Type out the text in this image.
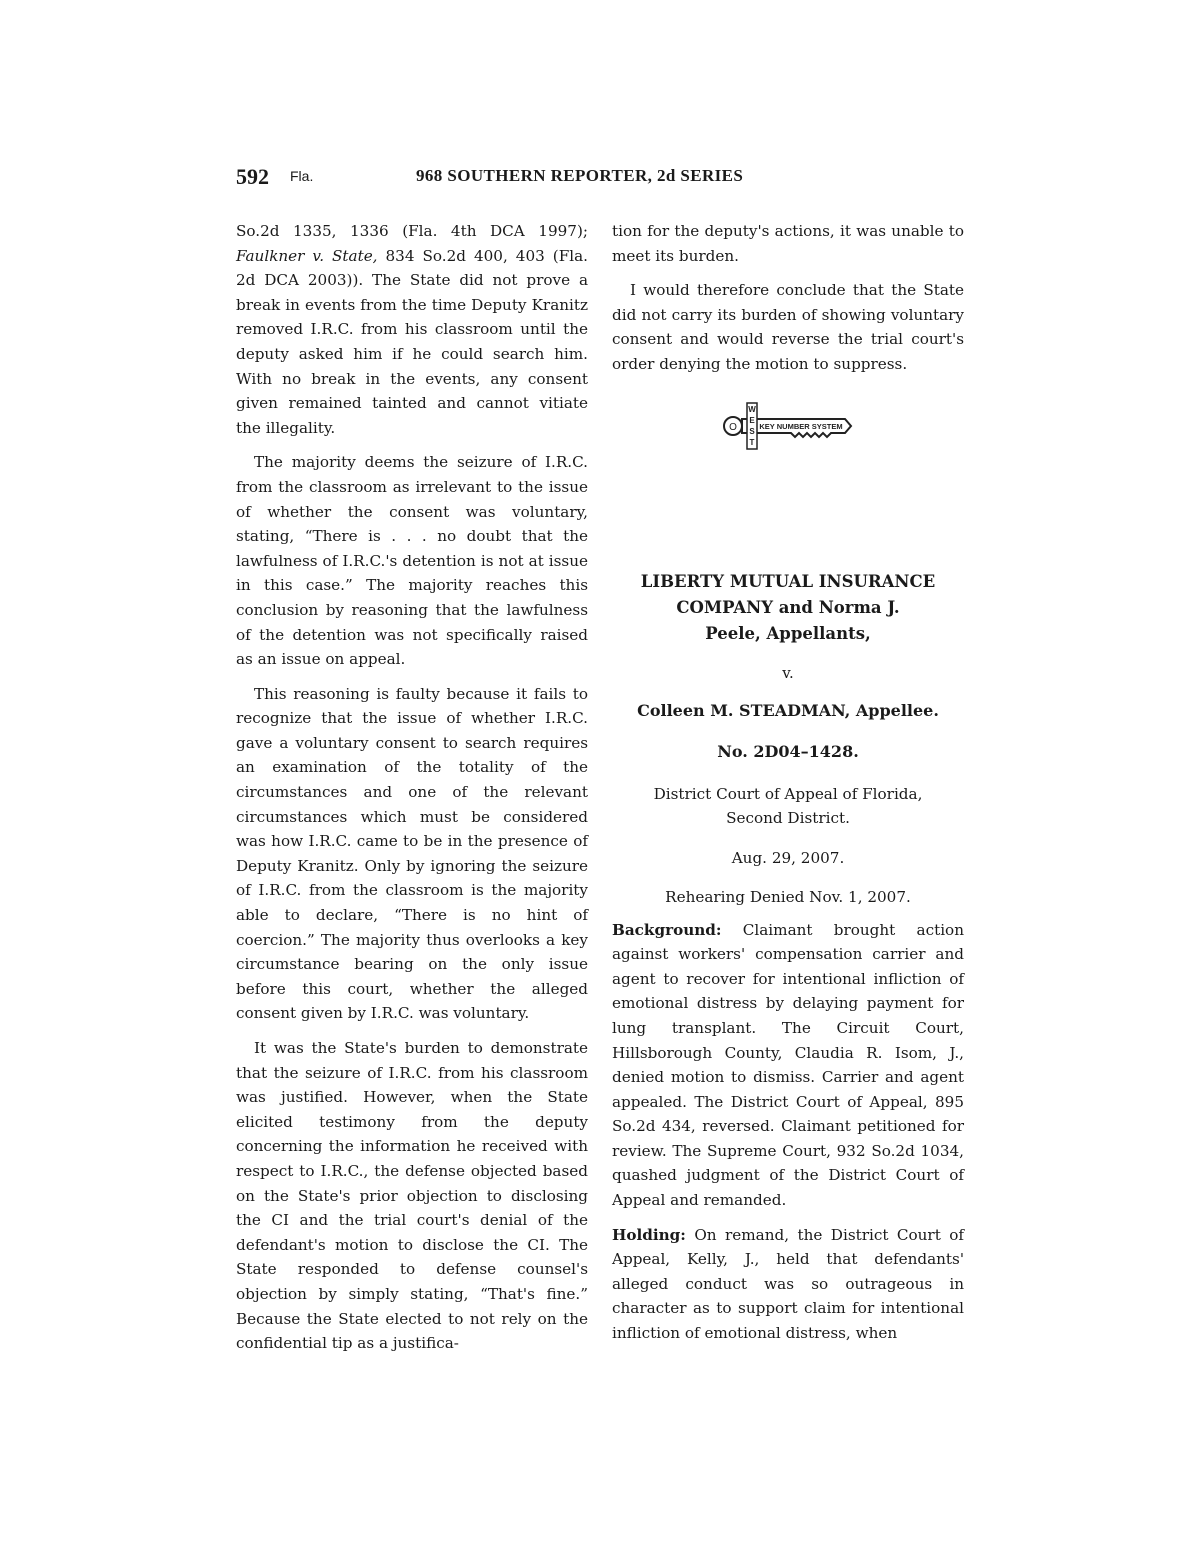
592 Fla.	968 SOUTHERN REPORTER, 2d SERIES

So.2d 1335, 1336 (Fla. 4th DCA 1997); Faulkner v. State, 834 So.2d 400, 403 (Fla. 2d DCA 2003)). The State did not prove a break in events from the time Deputy Kranitz removed I.R.C. from his classroom until the deputy asked him if he could search him. With no break in the events, any consent given remained tainted and cannot vitiate the illegality.

The majority deems the seizure of I.R.C. from the classroom as irrelevant to the issue of whether the consent was voluntary, stating, “There is . . . no doubt that the lawfulness of I.R.C.'s detention is not at issue in this case.” The majority reaches this conclusion by reasoning that the lawfulness of the detention was not specifically raised as an issue on appeal.

This reasoning is faulty because it fails to recognize that the issue of whether I.R.C. gave a voluntary consent to search requires an examination of the totality of the circumstances and one of the relevant circumstances which must be considered was how I.R.C. came to be in the presence of Deputy Kranitz. Only by ignoring the seizure of I.R.C. from the classroom is the majority able to declare, “There is no hint of coercion.” The majority thus overlooks a key circumstance bearing on the only issue before this court, whether the alleged consent given by I.R.C. was voluntary.

It was the State's burden to demonstrate that the seizure of I.R.C. from his classroom was justified. However, when the State elicited testimony from the deputy concerning the information he received with respect to I.R.C., the defense objected based on the State's prior objection to disclosing the CI and the trial court's denial of the defendant's motion to disclose the CI. The State responded to defense counsel's objection by simply stating, “That's fine.” Because the State elected to not rely on the confidential tip as a justifica-

tion for the deputy's actions, it was unable to meet its burden.

I would therefore conclude that the State did not carry its burden of showing voluntary consent and would reverse the trial court's order denying the motion to suppress.

O
W
E
S
T
KEY NUMBER SYSTEM
LIBERTY MUTUAL INSURANCE
COMPANY and Norma J.
Peele, Appellants,
v.
Colleen M. STEADMAN, Appellee.
No. 2D04–1428.
District Court of Appeal of Florida,
Second District.
Aug. 29, 2007.
Rehearing Denied Nov. 1, 2007.

Background: Claimant brought action against workers' compensation carrier and agent to recover for intentional infliction of emotional distress by delaying payment for lung transplant. The Circuit Court, Hillsborough County, Claudia R. Isom, J., denied motion to dismiss. Carrier and agent appealed. The District Court of Appeal, 895 So.2d 434, reversed. Claimant petitioned for review. The Supreme Court, 932 So.2d 1034, quashed judgment of the District Court of Appeal and remanded.

Holding: On remand, the District Court of Appeal, Kelly, J., held that defendants' alleged conduct was so outrageous in character as to support claim for intentional infliction of emotional distress, when
